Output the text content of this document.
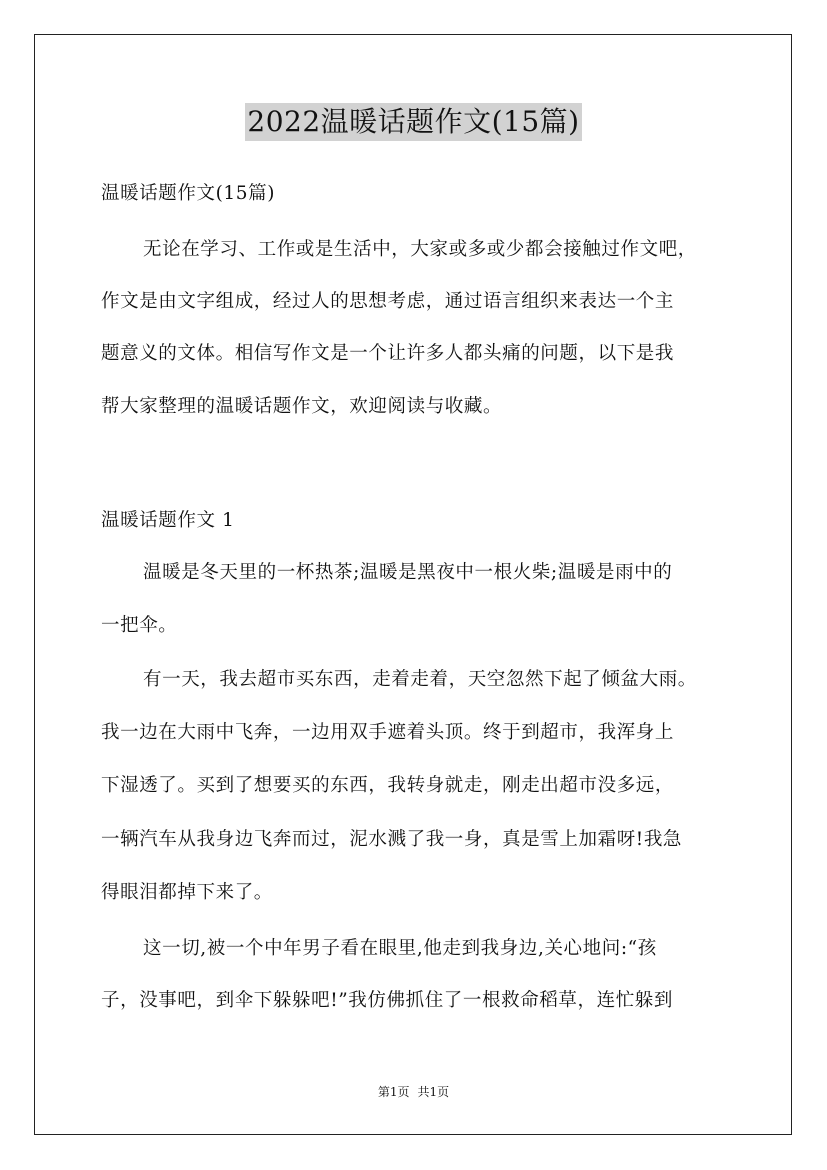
2022温暖话题作文(15篇)
温暖话题作文(15篇)
无论在学习、工作或是生活中，大家或多或少都会接触过作文吧，
作文是由文字组成，经过人的思想考虑，通过语言组织来表达一个主
题意义的文体。相信写作文是一个让许多人都头痛的问题，以下是我
帮大家整理的温暖话题作文，欢迎阅读与收藏。
温暖话题作文 1
温暖是冬天里的一杯热茶;温暖是黑夜中一根火柴;温暖是雨中的
一把伞。
有一天，我去超市买东西，走着走着，天空忽然下起了倾盆大雨。
我一边在大雨中飞奔，一边用双手遮着头顶。终于到超市，我浑身上
下湿透了。买到了想要买的东西，我转身就走，刚走出超市没多远，
一辆汽车从我身边飞奔而过，泥水溅了我一身，真是雪上加霜呀!我急
得眼泪都掉下来了。
这一切,被一个中年男子看在眼里,他走到我身边,关心地问:“孩
子，没事吧，到伞下躲躲吧!”我仿佛抓住了一根救命稻草，连忙躲到
第1页 共1页
